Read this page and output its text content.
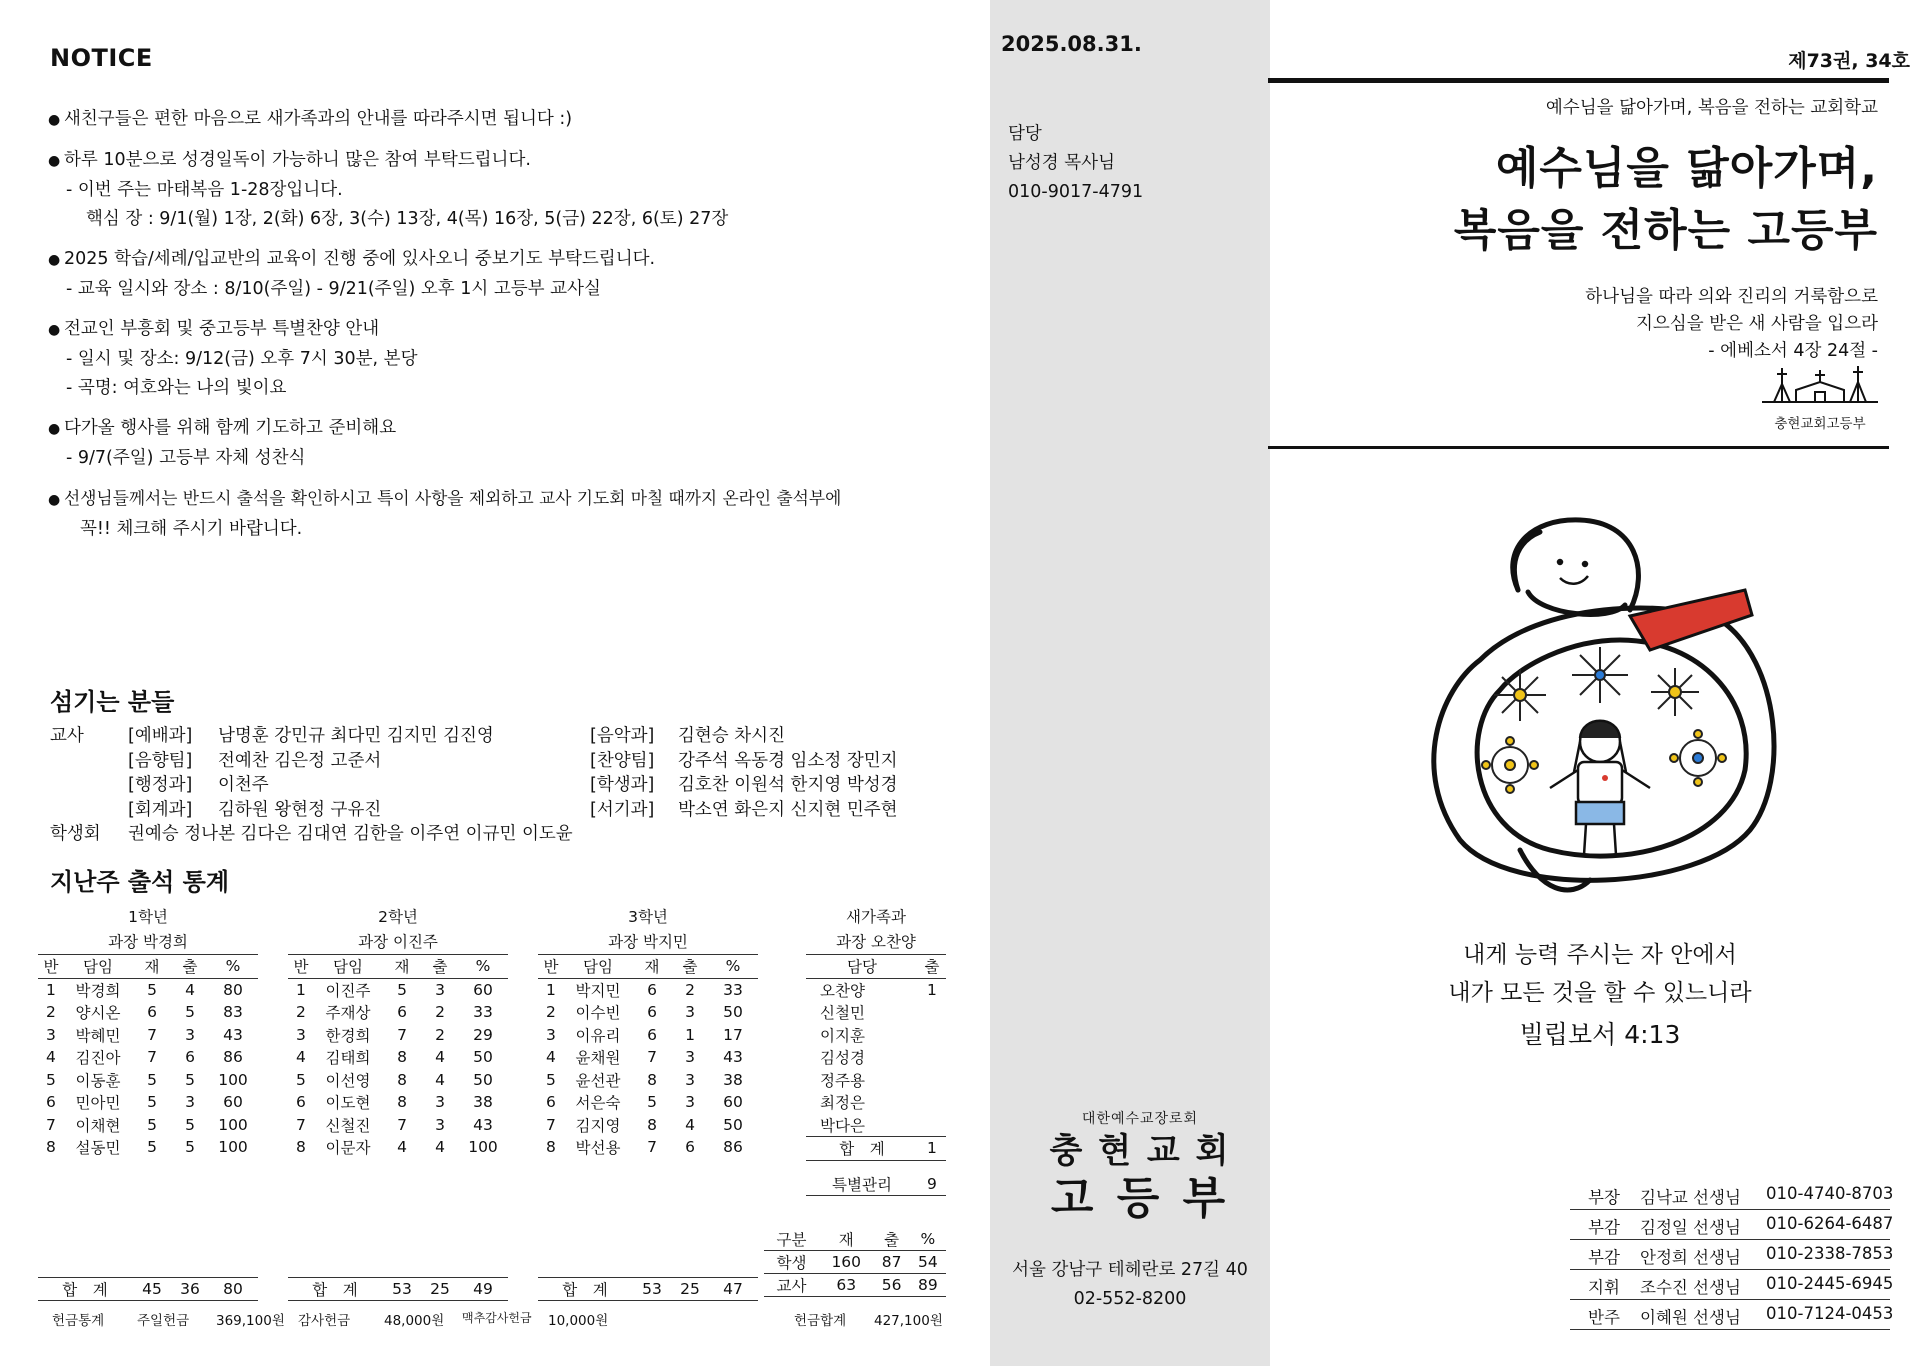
NOTICE
● 새친구들은 편한 마음으로 새가족과의 안내를 따라주시면 됩니다 :)
● 하루 10분으로 성경일독이 가능하니 많은 참여 부탁드립니다.
- 이번 주는 마태복음 1-28장입니다.
핵심 장 : 9/1(월) 1장, 2(화) 6장, 3(수) 13장, 4(목) 16장, 5(금) 22장, 6(토) 27장
● 2025 학습/세례/입교반의 교육이 진행 중에 있사오니 중보기도 부탁드립니다.
- 교육 일시와 장소 : 8/10(주일) - 9/21(주일) 오후 1시 고등부 교사실
● 전교인 부흥회 및 중고등부 특별찬양 안내
- 일시 및 장소: 9/12(금) 오후 7시 30분, 본당
- 곡명: 여호와는 나의 빛이요
● 다가올 행사를 위해 함께 기도하고 준비해요
- 9/7(주일) 고등부 자체 성찬식
● 선생님들께서는 반드시 출석을 확인하시고 특이 사항을 제외하고 교사 기도회 마칠 때까지 온라인 출석부에
꼭!! 체크해 주시기 바랍니다.
섬기는 분들
교사	[예배과] 남명훈 강민규 최다민 김지민 김진영	[음악과] 김현승 차시진
[음향팀] 전예찬 김은정 고준서	[찬양팀] 강주석 옥동경 임소정 장민지
[행정과] 이천주	[학생과] 김호찬 이원석 한지영 박성경
[회계과] 김하원 왕현정 구유진	[서기과] 박소연 화은지 신지현 민주현
학생회 권예승 정나본 김다은 김대연 김한을 이주연 이규민 이도윤
지난주 출석 통계
1학년				
과장 박경희				
반	담임	재	출	%
1	박경희	5	4	80
2	양시온	6	5	83
3	박혜민	7	3	43
4	김진아	7	6	86
5	이동훈	5	5	100
6	민아민	5	3	60
7	이채현	5	5	100
8	설동민	5	5	100

합　계		45	36	80
2학년				
과장 이진주				
반	담임	재	출	%
1	이진주	5	3	60
2	주재상	6	2	33
3	한경희	7	2	29
4	김태희	8	4	50
5	이선영	8	4	50
6	이도현	8	3	38
7	신철진	7	3	43
8	이문자	4	4	100

합　계		53	25	49
3학년				
과장 박지민				
반	담임	재	출	%
1	박지민	6	2	33
2	이수빈	6	3	50
3	이유리	6	1	17
4	윤채원	7	3	43
5	윤선관	8	3	38
6	서은숙	5	3	60
7	김지영	8	4	50
8	박선용	7	6	86

합　계		53	25	47
새가족과	
과장 오찬양	
담당	출
오찬양	1
신철민	
이지훈	
김성경	
정주용	
최정은	
박다은	
합　계	1

특별관리	9
구분	재	출	%
학생	160	87	54
교사	63	56	89
헌금통계 주일헌금 369,100원 감사헌금	48,000원 맥추감사헌금 10,000원	헌금합계 427,100원
2025.08.31.
담당
남성경 목사님
010-9017-4791
대한예수교장로회
충 현 교 회
고 등 부
서울 강남구 테헤란로 27길 40
02-552-8200
제73권, 34호
예수님을 닮아가며, 복음을 전하는 교회학교
예수님을 닮아가며,
복음을 전하는 고등부
하나님을 따라 의와 진리의 거룩함으로
지으심을 받은 새 사람을 입으라
- 에베소서 4장 24절 -
충현교회고등부
내게 능력 주시는 자 안에서
내가 모든 것을 할 수 있느니라
빌립보서 4:13
부장 김낙교 선생님 010-4740-8703
부감 김정일 선생님 010-6264-6487
부감 안정희 선생님 010-2338-7853
지휘 조수진 선생님 010-2445-6945
반주 이혜원 선생님 010-7124-0453
